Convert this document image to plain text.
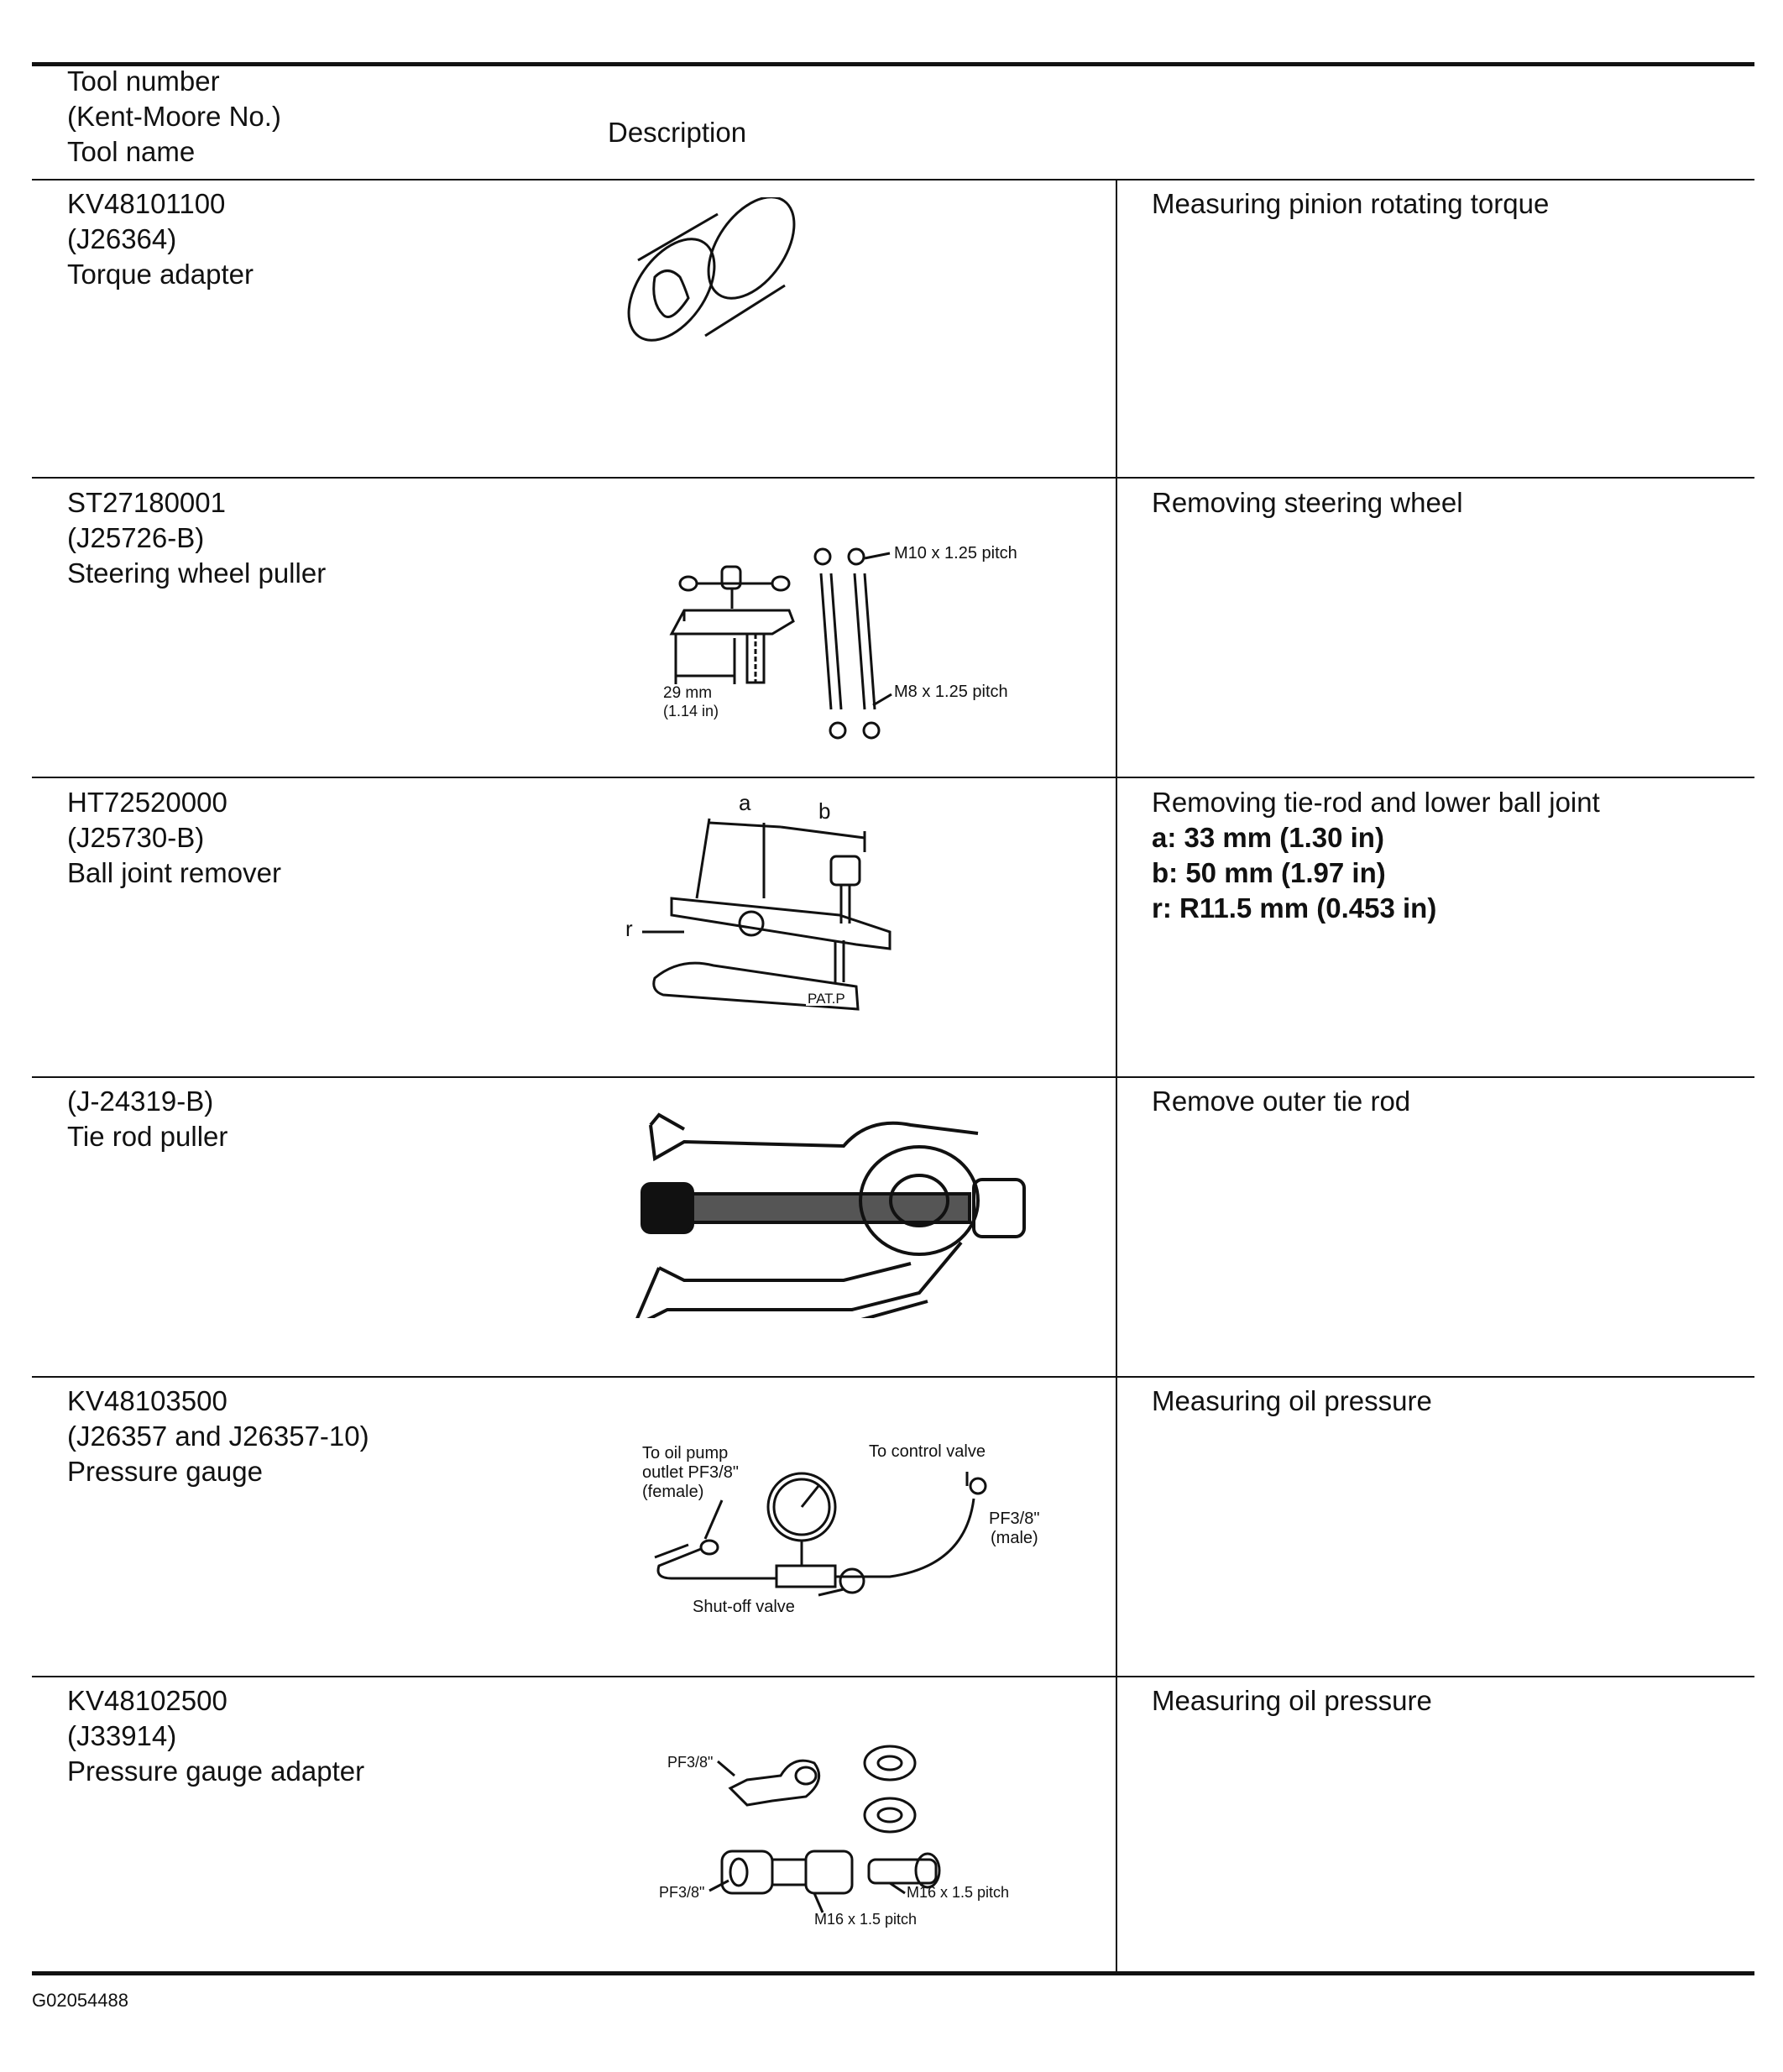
Tool number
(Kent-Moore No.)
Tool name
Description
KV48101100
(J26364)
Torque adapter
Measuring pinion rotating torque
ST27180001
(J25726-B)
Steering wheel puller
Removing steering wheel
M10 x 1.25 pitch
M8 x 1.25 pitch
29 mm
(1.14 in)
HT72520000
(J25730-B)
Ball joint remover
Removing tie-rod and lower ball joint
a: 33 mm (1.30 in)
b: 50 mm (1.97 in)
r: R11.5 mm (0.453 in)
a	b
r
PAT.P
(J-24319-B)
Tie rod puller
Remove outer tie rod
KV48103500
(J26357 and J26357-10)
Pressure gauge
Measuring oil pressure
To oil pump
outlet PF3/8"
(female)
To control valve
PF3/8"
(male)
Shut-off valve
KV48102500
(J33914)
Pressure gauge adapter
Measuring oil pressure
PF3/8"
PF3/8"	M16 x 1.5 pitch
M16 x 1.5 pitch
G02054488
